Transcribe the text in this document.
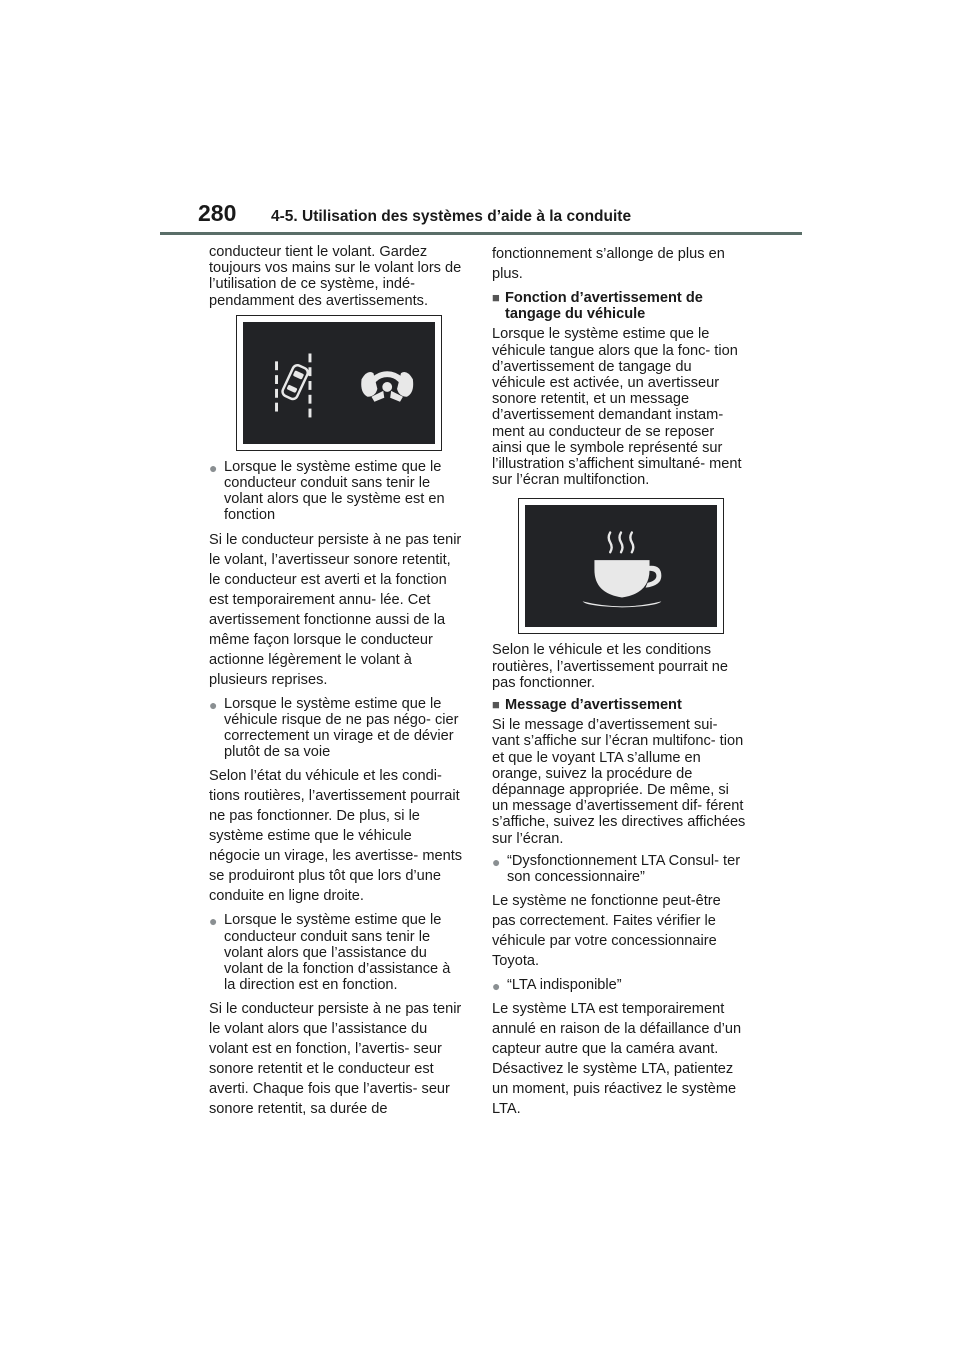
280 4-5. Utilisation des systèmes d’aide à la conduite

conducteur tient le volant. Gardez toujours vos mains sur le volant lors de l’utilisation de ce système, indé- pendamment des avertissements.

● Lorsque le système estime que le conducteur conduit sans tenir le volant alors que le système est en fonction

Si le conducteur persiste à ne pas tenir le volant, l’avertisseur sonore retentit, le conducteur est averti et la fonction est temporairement annu- lée. Cet avertissement fonctionne aussi de la même façon lorsque le conducteur actionne légèrement le volant à plusieurs reprises.

● Lorsque le système estime que le véhicule risque de ne pas négo- cier correctement un virage et de dévier plutôt de sa voie

Selon l’état du véhicule et les condi- tions routières, l’avertissement pourrait ne pas fonctionner. De plus, si le système estime que le véhicule négocie un virage, les avertisse- ments se produiront plus tôt que lors d’une conduite en ligne droite.

● Lorsque le système estime que le conducteur conduit sans tenir le volant alors que l’assistance du volant de la fonction d’assistance à la direction est en fonction.

Si le conducteur persiste à ne pas tenir le volant alors que l’assistance du volant est en fonction, l’avertis- seur sonore retentit et le conducteur est averti. Chaque fois que l’avertis- seur sonore retentit, sa durée de

fonctionnement s’allonge de plus en plus.

■ Fonction d’avertissement de tangage du véhicule

Lorsque le système estime que le véhicule tangue alors que la fonc- tion d’avertissement de tangage du véhicule est activée, un avertisseur sonore retentit, et un message d’avertissement demandant instam- ment au conducteur de se reposer ainsi que le symbole représenté sur l’illustration s’affichent simultané- ment sur l’écran multifonction.

Selon le véhicule et les conditions routières, l’avertissement pourrait ne pas fonctionner.

■ Message d’avertissement

Si le message d’avertissement sui- vant s’affiche sur l’écran multifonc- tion et que le voyant LTA s’allume en orange, suivez la procédure de dépannage appropriée. De même, si un message d’avertissement dif- férent s’affiche, suivez les directives affichées sur l’écran.

● “Dysfonctionnement LTA Consul- ter son concessionnaire”

Le système ne fonctionne peut-être pas correctement. Faites vérifier le véhicule par votre concessionnaire Toyota.

● “LTA indisponible”

Le système LTA est temporairement annulé en raison de la défaillance d’un capteur autre que la caméra avant. Désactivez le système LTA, patientez un moment, puis réactivez le système LTA.
